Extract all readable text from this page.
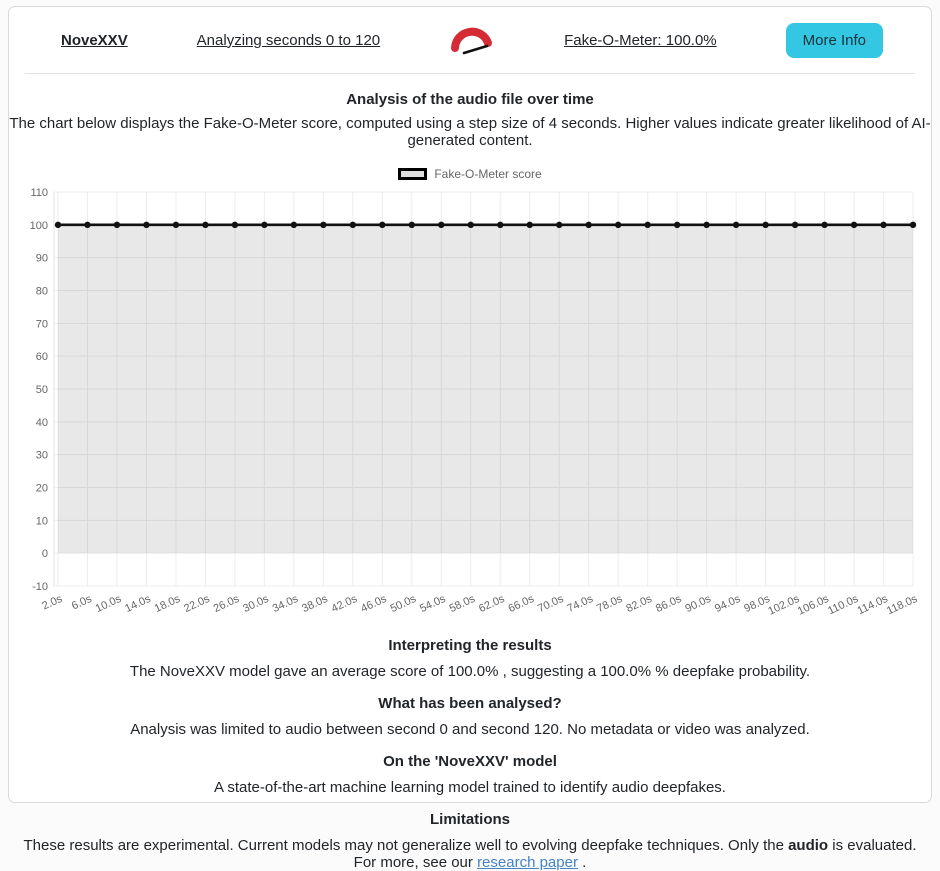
NoveXXV	Analyzing seconds 0 to 120	Fake-O-Meter: 100.0%	More Info
Analysis of the audio file over time
The chart below displays the Fake-O-Meter score, computed using a step size of 4 seconds. Higher values indicate greater likelihood of AI-generated content.
Fake-O-Meter score
-10
0
10
20
30
40
50
60
70
80
90
100
110
2.0s 6.0s 10.0s 14.0s 18.0s 22.0s 26.0s 30.0s 34.0s 38.0s 42.0s 46.0s 50.0s 54.0s 58.0s 62.0s 66.0s 70.0s 74.0s 78.0s 82.0s 86.0s 90.0s 94.0s 98.0s
102.0s
106.0s
110.0s
114.0s
118.0s
Interpreting the results
The NoveXXV model gave an average score of 100.0% , suggesting a 100.0% % deepfake probability.
What has been analysed?
Analysis was limited to audio between second 0 and second 120. No metadata or video was analyzed.
On the 'NoveXXV' model
A state-of-the-art machine learning model trained to identify audio deepfakes.
Limitations
These results are experimental. Current models may not generalize well to evolving deepfake techniques. Only the audio is evaluated. For more, see our research paper .
